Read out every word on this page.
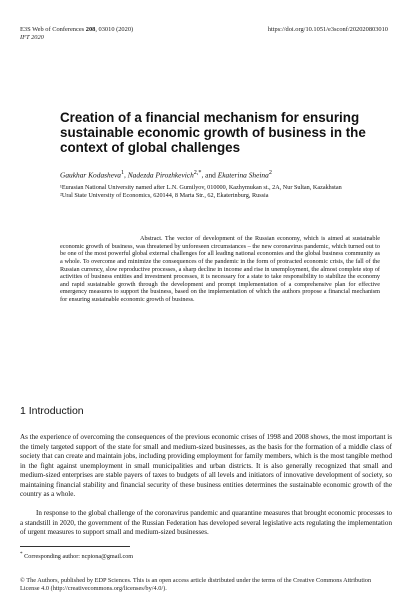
E3S Web of Conferences 208, 03010 (2020)
IFT 2020
https://doi.org/10.1051/e3sconf/202020803010
Creation of a financial mechanism for ensuring sustainable economic growth of business in the context of global challenges
Gaukhar Kodasheva$^1$, Nadezda Pirozhkevich$^{2,*}$, and Ekaterina Sheina$^2$
¹Eurasian National University named after L.N. Gumilyov, 010000, Kazhymukan st., 2A, Nur Sultan, Kazakhstan
²Ural State University of Economics, 620144, 8 Marta Str., 62, Ekaterinburg, Russia
Abstract. The vector of development of the Russian economy, which is aimed at sustainable economic growth of business, was threatened by unforeseen circumstances – the new coronavirus pandemic, which turned out to be one of the most powerful global external challenges for all leading national economies and the global business community as a whole. To overcome and minimize the consequences of the pandemic in the form of protracted economic crisis, the fall of the Russian currency, slow reproductive processes, a sharp decline in income and rise in unemployment, the almost complete stop of activities of business entities and investment processes, it is necessary for a state to take responsibility to stabilize the economy and rapid sustainable growth through the development and prompt implementation of a comprehensive plan for effective emergency measures to support the business, based on the implementation of which the authors propose a financial mechanism for ensuring sustainable economic growth of business.
1 Introduction
As the experience of overcoming the consequences of the previous economic crises of 1998 and 2008 shows, the most important is the timely targeted support of the state for small and medium-sized businesses, as the basis for the formation of a middle class of society that can create and maintain jobs, including providing employment for family members, which is the most tangible method in the fight against unemployment in small municipalities and urban districts. It is also generally recognized that small and medium-sized enterprises are stable payers of taxes to budgets of all levels and initiators of innovative development of society, so maintaining financial stability and financial security of these business entities determines the sustainable economic growth of the country as a whole.
In response to the global challenge of the coronavirus pandemic and quarantine measures that brought economic processes to a standstill in 2020, the government of the Russian Federation has developed several legislative acts regulating the implementation of urgent measures to support small and medium-sized businesses.
* Corresponding author: ncpiona@gmail.com
© The Authors, published by EDP Sciences. This is an open access article distributed under the terms of the Creative Commons Attribution License 4.0 (http://creativecommons.org/licenses/by/4.0/).
